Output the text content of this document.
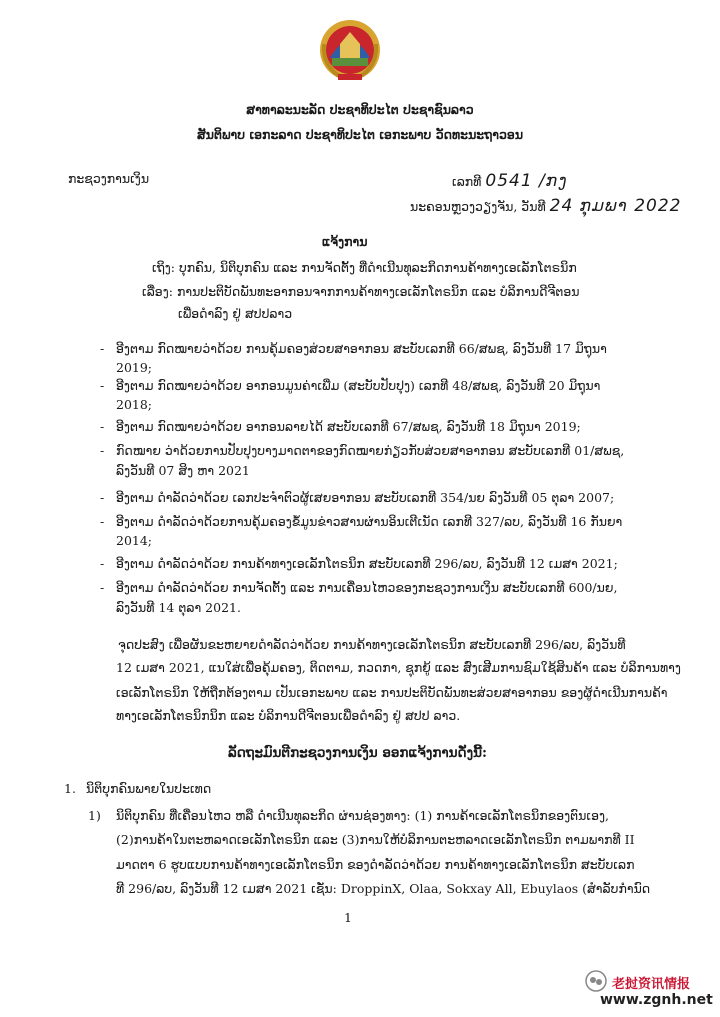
ສາທາລະນະລັດ ປະຊາທິປະໄຕ ປະຊາຊົນລາວ
ສັນຕິພາບ ເອກະລາດ ປະຊາທິປະໄຕ ເອກະພາບ ວັດທະນະຖາວອນ
ກະຊວງການເງິນ	ເລກທີ 0541 /ກງ
ນະຄອນຫຼວງວຽງຈັນ, ວັນທີ 24 ກຸມພາ 2022
ແຈ້ງການ
ເຖິງ: ບຸກຄົນ, ນິຕິບຸກຄົນ ແລະ ການຈັດຕັ້ງ ທີ່ດຳເນີນທຸລະກິດການຄ້າທາງເອເລັກໂຕຣນິກ
ເລື່ອງ: ການປະຕິບັດພັນທະອາກອນຈາກການຄ້າທາງເອເລັກໂຕຣນິກ ແລະ ບໍລິການດີຈີຕອນ
ເພື່ອດຳລົງ ຢູ່ ສປປລາວ
- ອີງຕາມ ກົດໝາຍວ່າດ້ວຍ ການຄຸ້ມຄອງສ່ວຍສາອາກອນ ສະບັບເລກທີ 66/ສພຊ, ລົງວັນທີ 17 ມິຖຸນາ
2019;
- ອີງຕາມ ກົດໝາຍວ່າດ້ວຍ ອາກອນມູນຄ່າເພີ່ມ (ສະບັບປັບປຸງ) ເລກທີ 48/ສພຊ, ລົງວັນທີ 20 ມິຖຸນາ
2018;
- ອີງຕາມ ກົດໝາຍວ່າດ້ວຍ ອາກອນລາຍໄດ້ ສະບັບເລກທີ 67/ສພຊ, ລົງວັນທີ 18 ມິຖຸນາ 2019;
- ກົດໝາຍ ວ່າດ້ວຍການປັບປຸງບາງມາດຕາຂອງກົດໝາຍກ່ຽວກັບສ່ວຍສາອາກອນ ສະບັບເລກທີ 01/ສພຊ,
ລົງວັນທີ 07 ສິງ ຫາ 2021
- ອີງຕາມ ດຳລັດວ່າດ້ວຍ ເລກປະຈຳຕົວຜູ້ເສຍອາກອນ ສະບັບເລກທີ 354/ນຍ ລົງວັນທີ 05 ຕຸລາ 2007;
- ອີງຕາມ ດຳລັດວ່າດ້ວຍການຄຸ້ມຄອງຂໍ້ມູນຂ່າວສານຜ່ານອິນເຕີເນັດ ເລກທີ 327/ລບ, ລົງວັນທີ 16 ກັນຍາ
2014;
- ອີງຕາມ ດຳລັດວ່າດ້ວຍ ການຄ້າທາງເອເລັກໂຕຣນິກ ສະບັບເລກທີ 296/ລບ, ລົງວັນທີ 12 ເມສາ 2021;
- ອີງຕາມ ດຳລັດວ່າດ້ວຍ ການຈັດຕັ້ງ ແລະ ການເຄື່ອນໄຫວຂອງກະຊວງການເງິນ ສະບັບເລກທີ 600/ນຍ,
ລົງວັນທີ 14 ຕຸລາ 2021.
ຈຸດປະສົງ ເພື່ອຜັນຂະຫຍາຍດຳລັດວ່າດ້ວຍ ການຄ້າທາງເອເລັກໂຕຣນິກ ສະບັບເລກທີ 296/ລບ, ລົງວັນທີ
12 ເມສາ 2021, ແນໃສ່ເພື່ອຄຸ້ມຄອງ, ຕິດຕາມ, ກວດກາ, ຊຸກຍູ້ ແລະ ສົ່ງເສີມການຊົມໃຊ້ສິນຄ້າ ແລະ ບໍລິການທາງ
ເອເລັກໂຕຣນິກ ໃຫ້ຖືກຕ້ອງຕາມ ເປັນເອກະພາບ ແລະ ການປະຕິບັດພັນທະສ່ວຍສາອາກອນ ຂອງຜູ້ດຳເນີນການຄ້າ
ທາງເອເລັກໂຕຣນິກນິກ ແລະ ບໍລິການດີຈີຕອນເພື່ອດຳລົງ ຢູ່ ສປປ ລາວ.
ລັດຖະມົນຕີກະຊວງການເງິນ ອອກແຈ້ງການດັ່ງນີ້:
1. ນິຕິບຸກຄົນພາຍໃນປະເທດ
1) ນິຕິບຸກຄົນ ທີ່ເຄື່ອນໄຫວ ຫລື ດຳເນີນທຸລະກິດ ຜ່ານຊ່ອງທາງ: (1) ການຄ້າເອເລັກໂຕຣນິກຂອງຕົນເອງ,
(2)ການຄ້າໃນຕະຫລາດເອເລັກໂຕຣນິກ ແລະ (3)ການໃຫ້ບໍລິການຕະຫລາດເອເລັກໂຕຣນິກ ຕາມພາກທີ II
ມາດຕາ 6 ຮູບແບບການຄ້າທາງເອເລັກໂຕຣນິກ ຂອງດຳລັດວ່າດ້ວຍ ການຄ້າທາງເອເລັກໂຕຣນິກ ສະບັບເລກ
ທີ 296/ລບ, ລົງວັນທີ 12 ເມສາ 2021 ເຊັ່ນ: DroppinX, Olaa, Sokxay All, Ebuylaos (ສໍາລັບກໍານົດ
1
老挝资讯情报
www.zgnh.net
